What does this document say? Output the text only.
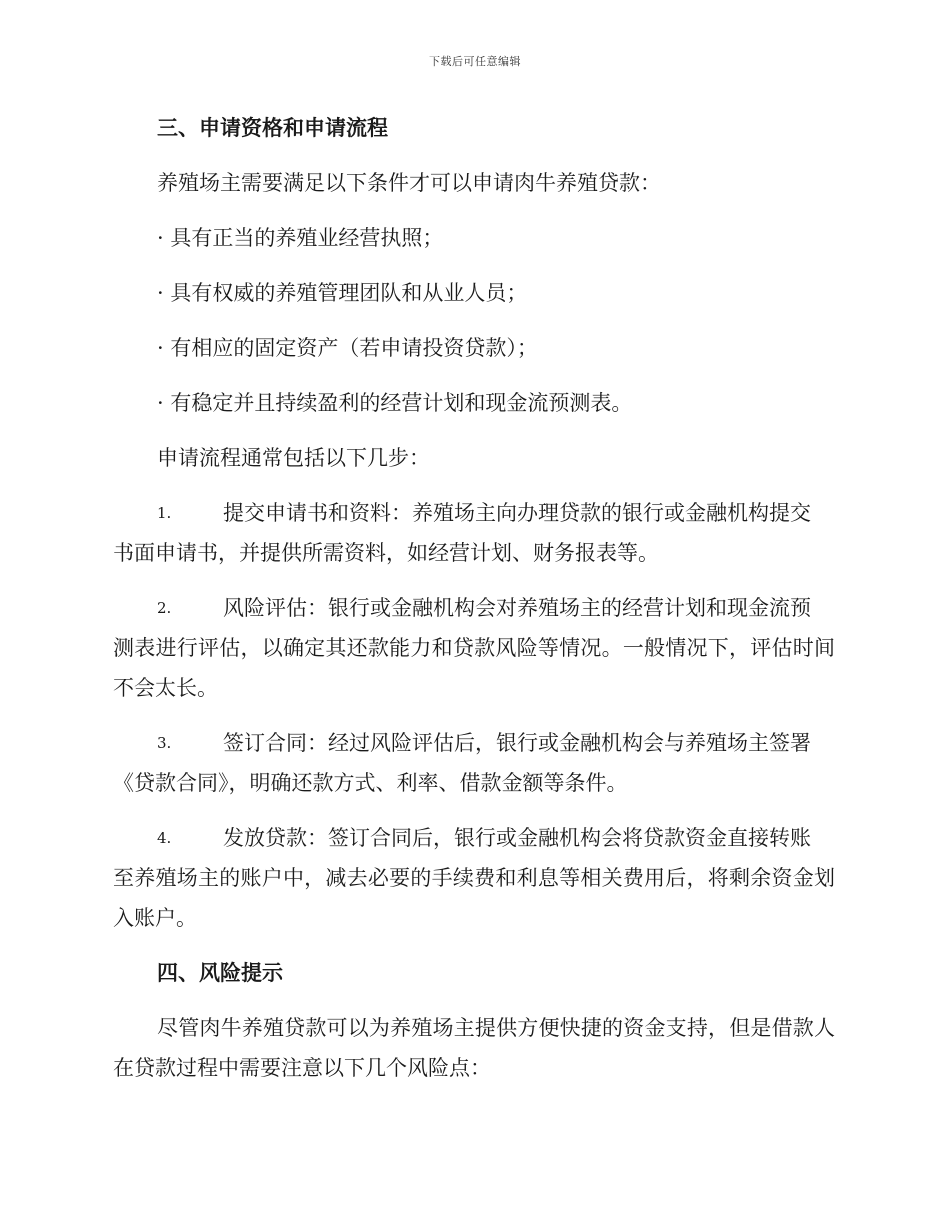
下载后可任意编辑
三、申请资格和申请流程

养殖场主需要满足以下条件才可以申请肉牛养殖贷款：

· 具有正当的养殖业经营执照；

· 具有权威的养殖管理团队和从业人员；

· 有相应的固定资产（若申请投资贷款）；

· 有稳定并且持续盈利的经营计划和现金流预测表。

申请流程通常包括以下几步：

1.	提交申请书和资料：养殖场主向办理贷款的银行或金融机构提交
书面申请书，并提供所需资料，如经营计划、财务报表等。
2.	风险评估：银行或金融机构会对养殖场主的经营计划和现金流预
测表进行评估，以确定其还款能力和贷款风险等情况。一般情况下，评估时间不会太长。
3.	签订合同：经过风险评估后，银行或金融机构会与养殖场主签署
《贷款合同》，明确还款方式、利率、借款金额等条件。
4.	发放贷款：签订合同后，银行或金融机构会将贷款资金直接转账
至养殖场主的账户中，减去必要的手续费和利息等相关费用后，将剩余资金划入账户。
四、风险提示

尽管肉牛养殖贷款可以为养殖场主提供方便快捷的资金支持，但是借款人在贷款过程中需要注意以下几个风险点：
